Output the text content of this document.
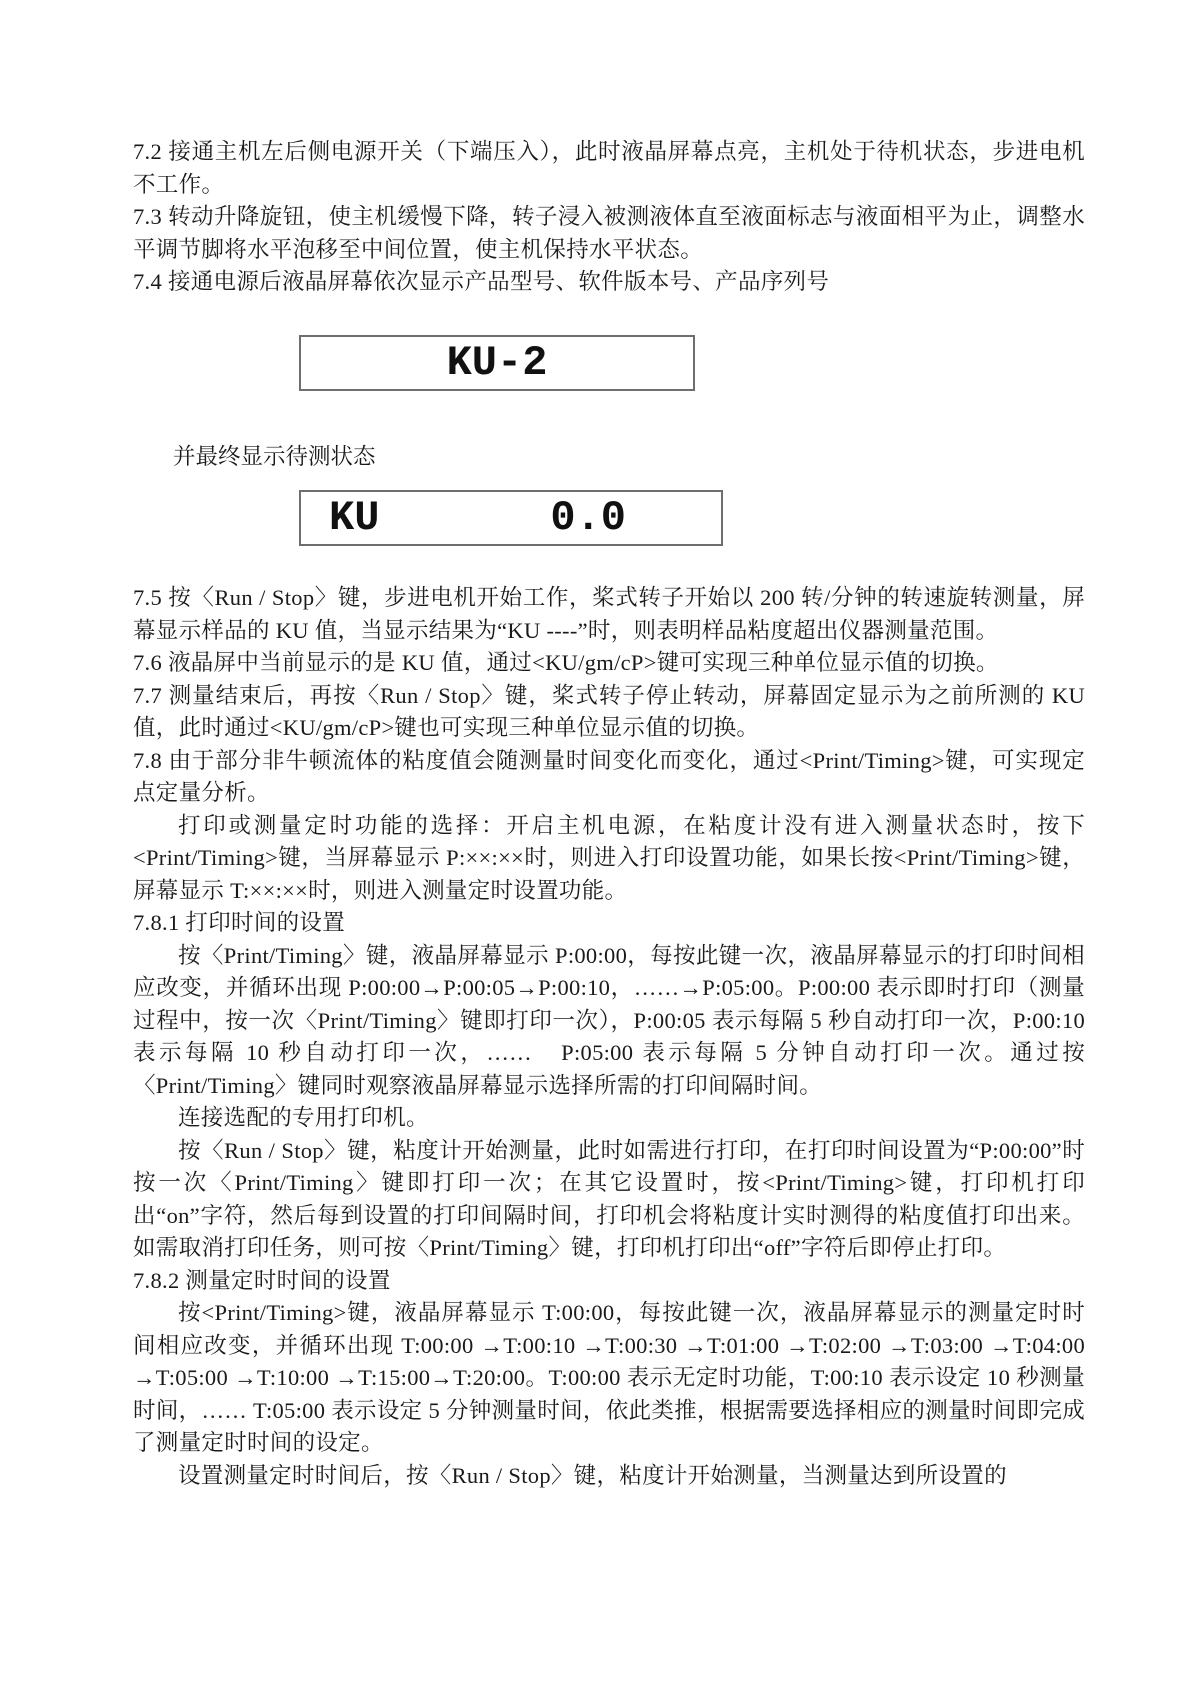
7.2 接通主机左后侧电源开关（下端压入），此时液晶屏幕点亮，主机处于待机状态，步进电机不工作。

7.3 转动升降旋钮，使主机缓慢下降，转子浸入被测液体直至液面标志与液面相平为止，调整水平调节脚将水平泡移至中间位置，使主机保持水平状态。

7.4 接通电源后液晶屏幕依次显示产品型号、软件版本号、产品序列号

KU-2

并最终显示待测状态

KU	0.0

7.5 按〈Run / Stop〉键，步进电机开始工作，桨式转子开始以 200 转/分钟的转速旋转测量，屏幕显示样品的 KU 值，当显示结果为“KU ----”时，则表明样品粘度超出仪器测量范围。

7.6 液晶屏中当前显示的是 KU 值，通过<KU/gm/cP>键可实现三种单位显示值的切换。

7.7 测量结束后，再按〈Run / Stop〉键，桨式转子停止转动，屏幕固定显示为之前所测的 KU 值，此时通过<KU/gm/cP>键也可实现三种单位显示值的切换。

7.8 由于部分非牛顿流体的粘度值会随测量时间变化而变化，通过<Print/Timing>键，可实现定点定量分析。

打印或测量定时功能的选择：开启主机电源，在粘度计没有进入测量状态时，按下<Print/Timing>键，当屏幕显示 P:××:××时，则进入打印设置功能，如果长按<Print/Timing>键，屏幕显示 T:××:××时，则进入测量定时设置功能。

7.8.1 打印时间的设置

按〈Print/Timing〉键，液晶屏幕显示 P:00:00，每按此键一次，液晶屏幕显示的打印时间相应改变，并循环出现 P:00:00→P:00:05→P:00:10，……→P:05:00。P:00:00 表示即时打印（测量过程中，按一次〈Print/Timing〉键即打印一次），P:00:05 表示每隔 5 秒自动打印一次，P:00:10 表示每隔 10 秒自动打印一次，……　P:05:00 表示每隔 5 分钟自动打印一次。通过按〈Print/Timing〉键同时观察液晶屏幕显示选择所需的打印间隔时间。

连接选配的专用打印机。

按〈Run / Stop〉键，粘度计开始测量，此时如需进行打印，在打印时间设置为“P:00:00”时按一次〈Print/Timing〉键即打印一次；在其它设置时，按<Print/Timing>键，打印机打印出“on”字符，然后每到设置的打印间隔时间，打印机会将粘度计实时测得的粘度值打印出来。如需取消打印任务，则可按〈Print/Timing〉键，打印机打印出“off”字符后即停止打印。

7.8.2 测量定时时间的设置

按<Print/Timing>键，液晶屏幕显示 T:00:00，每按此键一次，液晶屏幕显示的测量定时时间相应改变，并循环出现 T:00:00 →T:00:10 →T:00:30 →T:01:00 →T:02:00 →T:03:00 →T:04:00 →T:05:00 →T:10:00 →T:15:00→T:20:00。T:00:00 表示无定时功能，T:00:10 表示设定 10 秒测量时间，…… T:05:00 表示设定 5 分钟测量时间，依此类推，根据需要选择相应的测量时间即完成了测量定时时间的设定。

设置测量定时时间后，按〈Run / Stop〉键，粘度计开始测量，当测量达到所设置的
